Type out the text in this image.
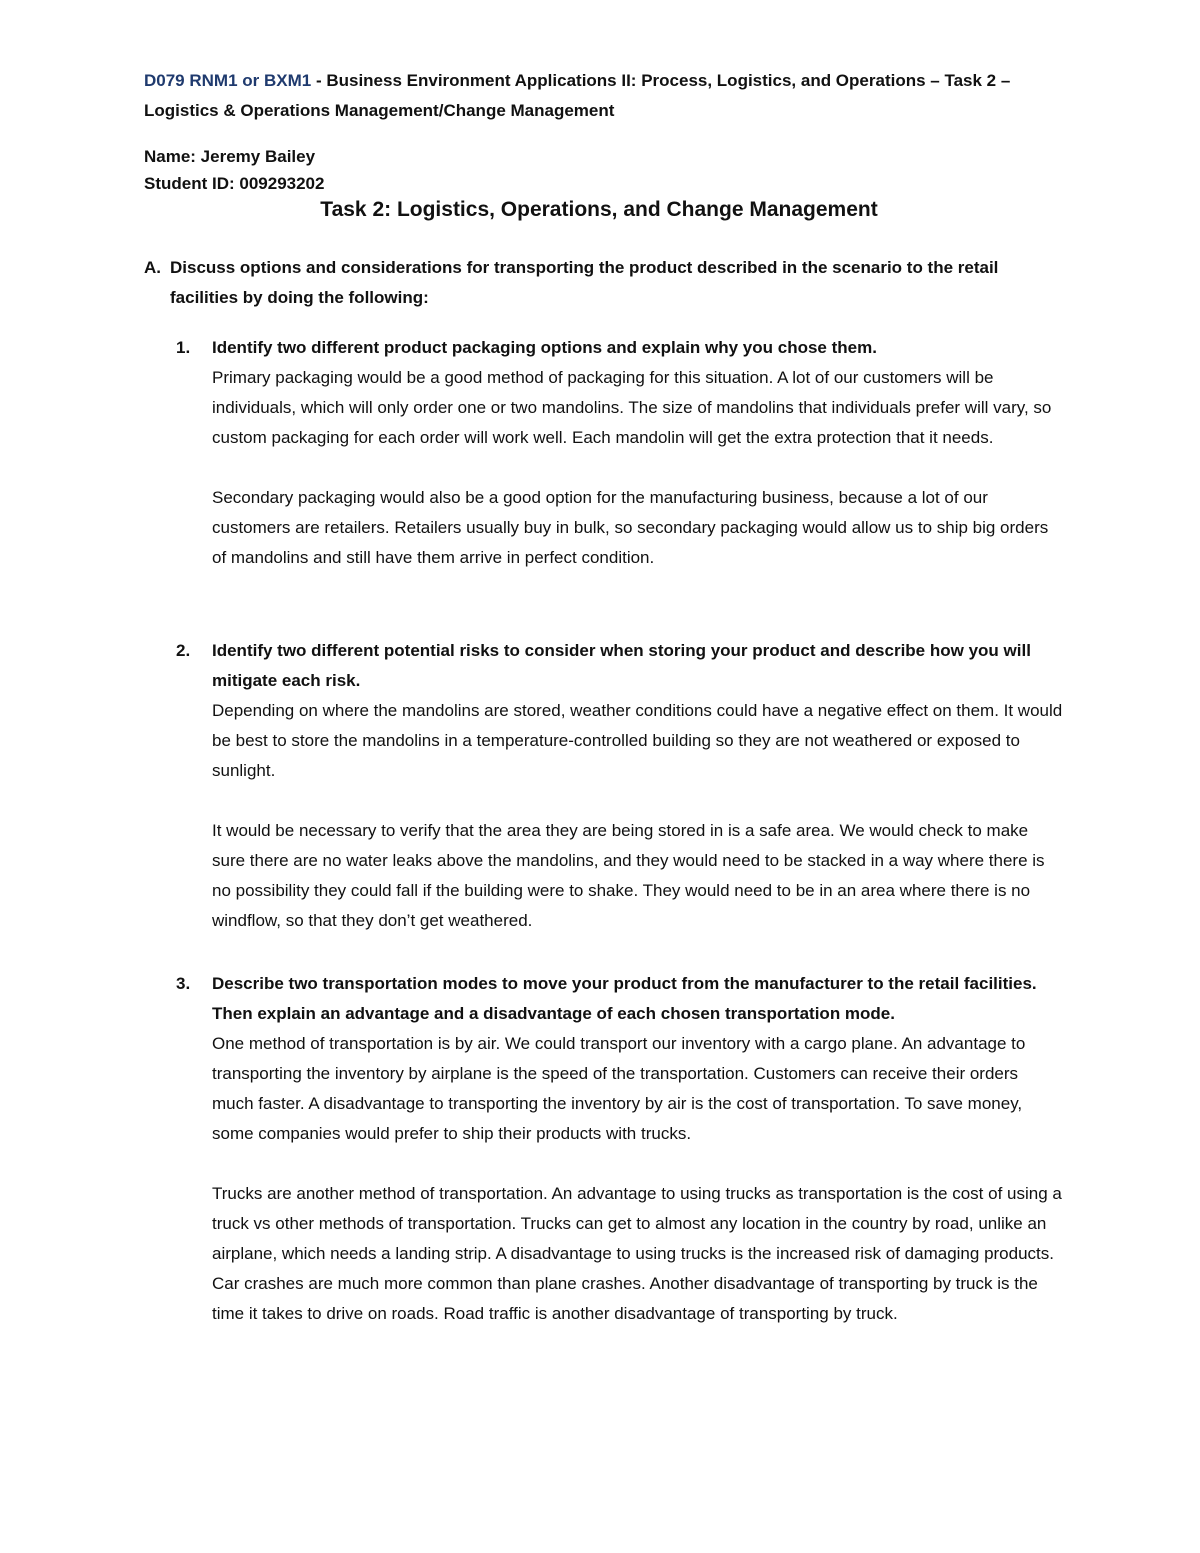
D079 RNM1 or BXM1 - Business Environment Applications II: Process, Logistics, and Operations – Task 2 – Logistics & Operations Management/Change Management
Name: Jeremy Bailey
Student ID: 009293202
Task 2: Logistics, Operations, and Change Management
A. Discuss options and considerations for transporting the product described in the scenario to the retail facilities by doing the following:
1. Identify two different product packaging options and explain why you chose them.

Primary packaging would be a good method of packaging for this situation. A lot of our customers will be individuals, which will only order one or two mandolins. The size of mandolins that individuals prefer will vary, so custom packaging for each order will work well. Each mandolin will get the extra protection that it needs.

Secondary packaging would also be a good option for the manufacturing business, because a lot of our customers are retailers. Retailers usually buy in bulk, so secondary packaging would allow us to ship big orders of mandolins and still have them arrive in perfect condition.

2. Identify two different potential risks to consider when storing your product and describe how you will mitigate each risk.

Depending on where the mandolins are stored, weather conditions could have a negative effect on them. It would be best to store the mandolins in a temperature-controlled building so they are not weathered or exposed to sunlight.

It would be necessary to verify that the area they are being stored in is a safe area. We would check to make sure there are no water leaks above the mandolins, and they would need to be stacked in a way where there is no possibility they could fall if the building were to shake. They would need to be in an area where there is no windflow, so that they don’t get weathered.

3. Describe two transportation modes to move your product from the manufacturer to the retail facilities. Then explain an advantage and a disadvantage of each chosen transportation mode.

One method of transportation is by air. We could transport our inventory with a cargo plane. An advantage to transporting the inventory by airplane is the speed of the transportation. Customers can receive their orders much faster. A disadvantage to transporting the inventory by air is the cost of transportation. To save money, some companies would prefer to ship their products with trucks.

Trucks are another method of transportation. An advantage to using trucks as transportation is the cost of using a truck vs other methods of transportation. Trucks can get to almost any location in the country by road, unlike an airplane, which needs a landing strip. A disadvantage to using trucks is the increased risk of damaging products. Car crashes are much more common than plane crashes. Another disadvantage of transporting by truck is the time it takes to drive on roads. Road traffic is another disadvantage of transporting by truck.
